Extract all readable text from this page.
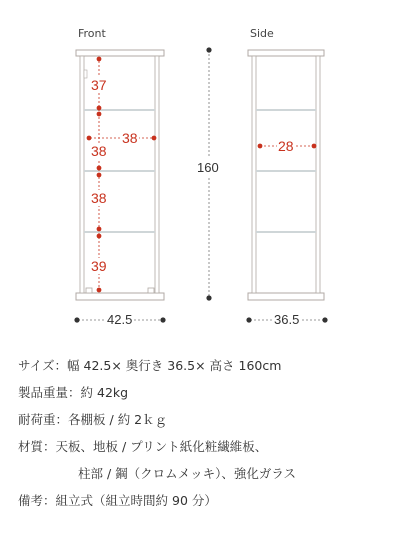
Front	Side
37
38
38
39
38	28
160
42.5	36.5
サイズ：幅 42.5× 奥行き 36.5× 高さ 160cm
製品重量：約 42kg
耐荷重：各棚板 / 約 2ｋｇ
材質：天板、地板 / プリント紙化粧繊維板、
柱部 / 鋼（クロムメッキ）、強化ガラス
備考：組立式（組立時間約 90 分）
